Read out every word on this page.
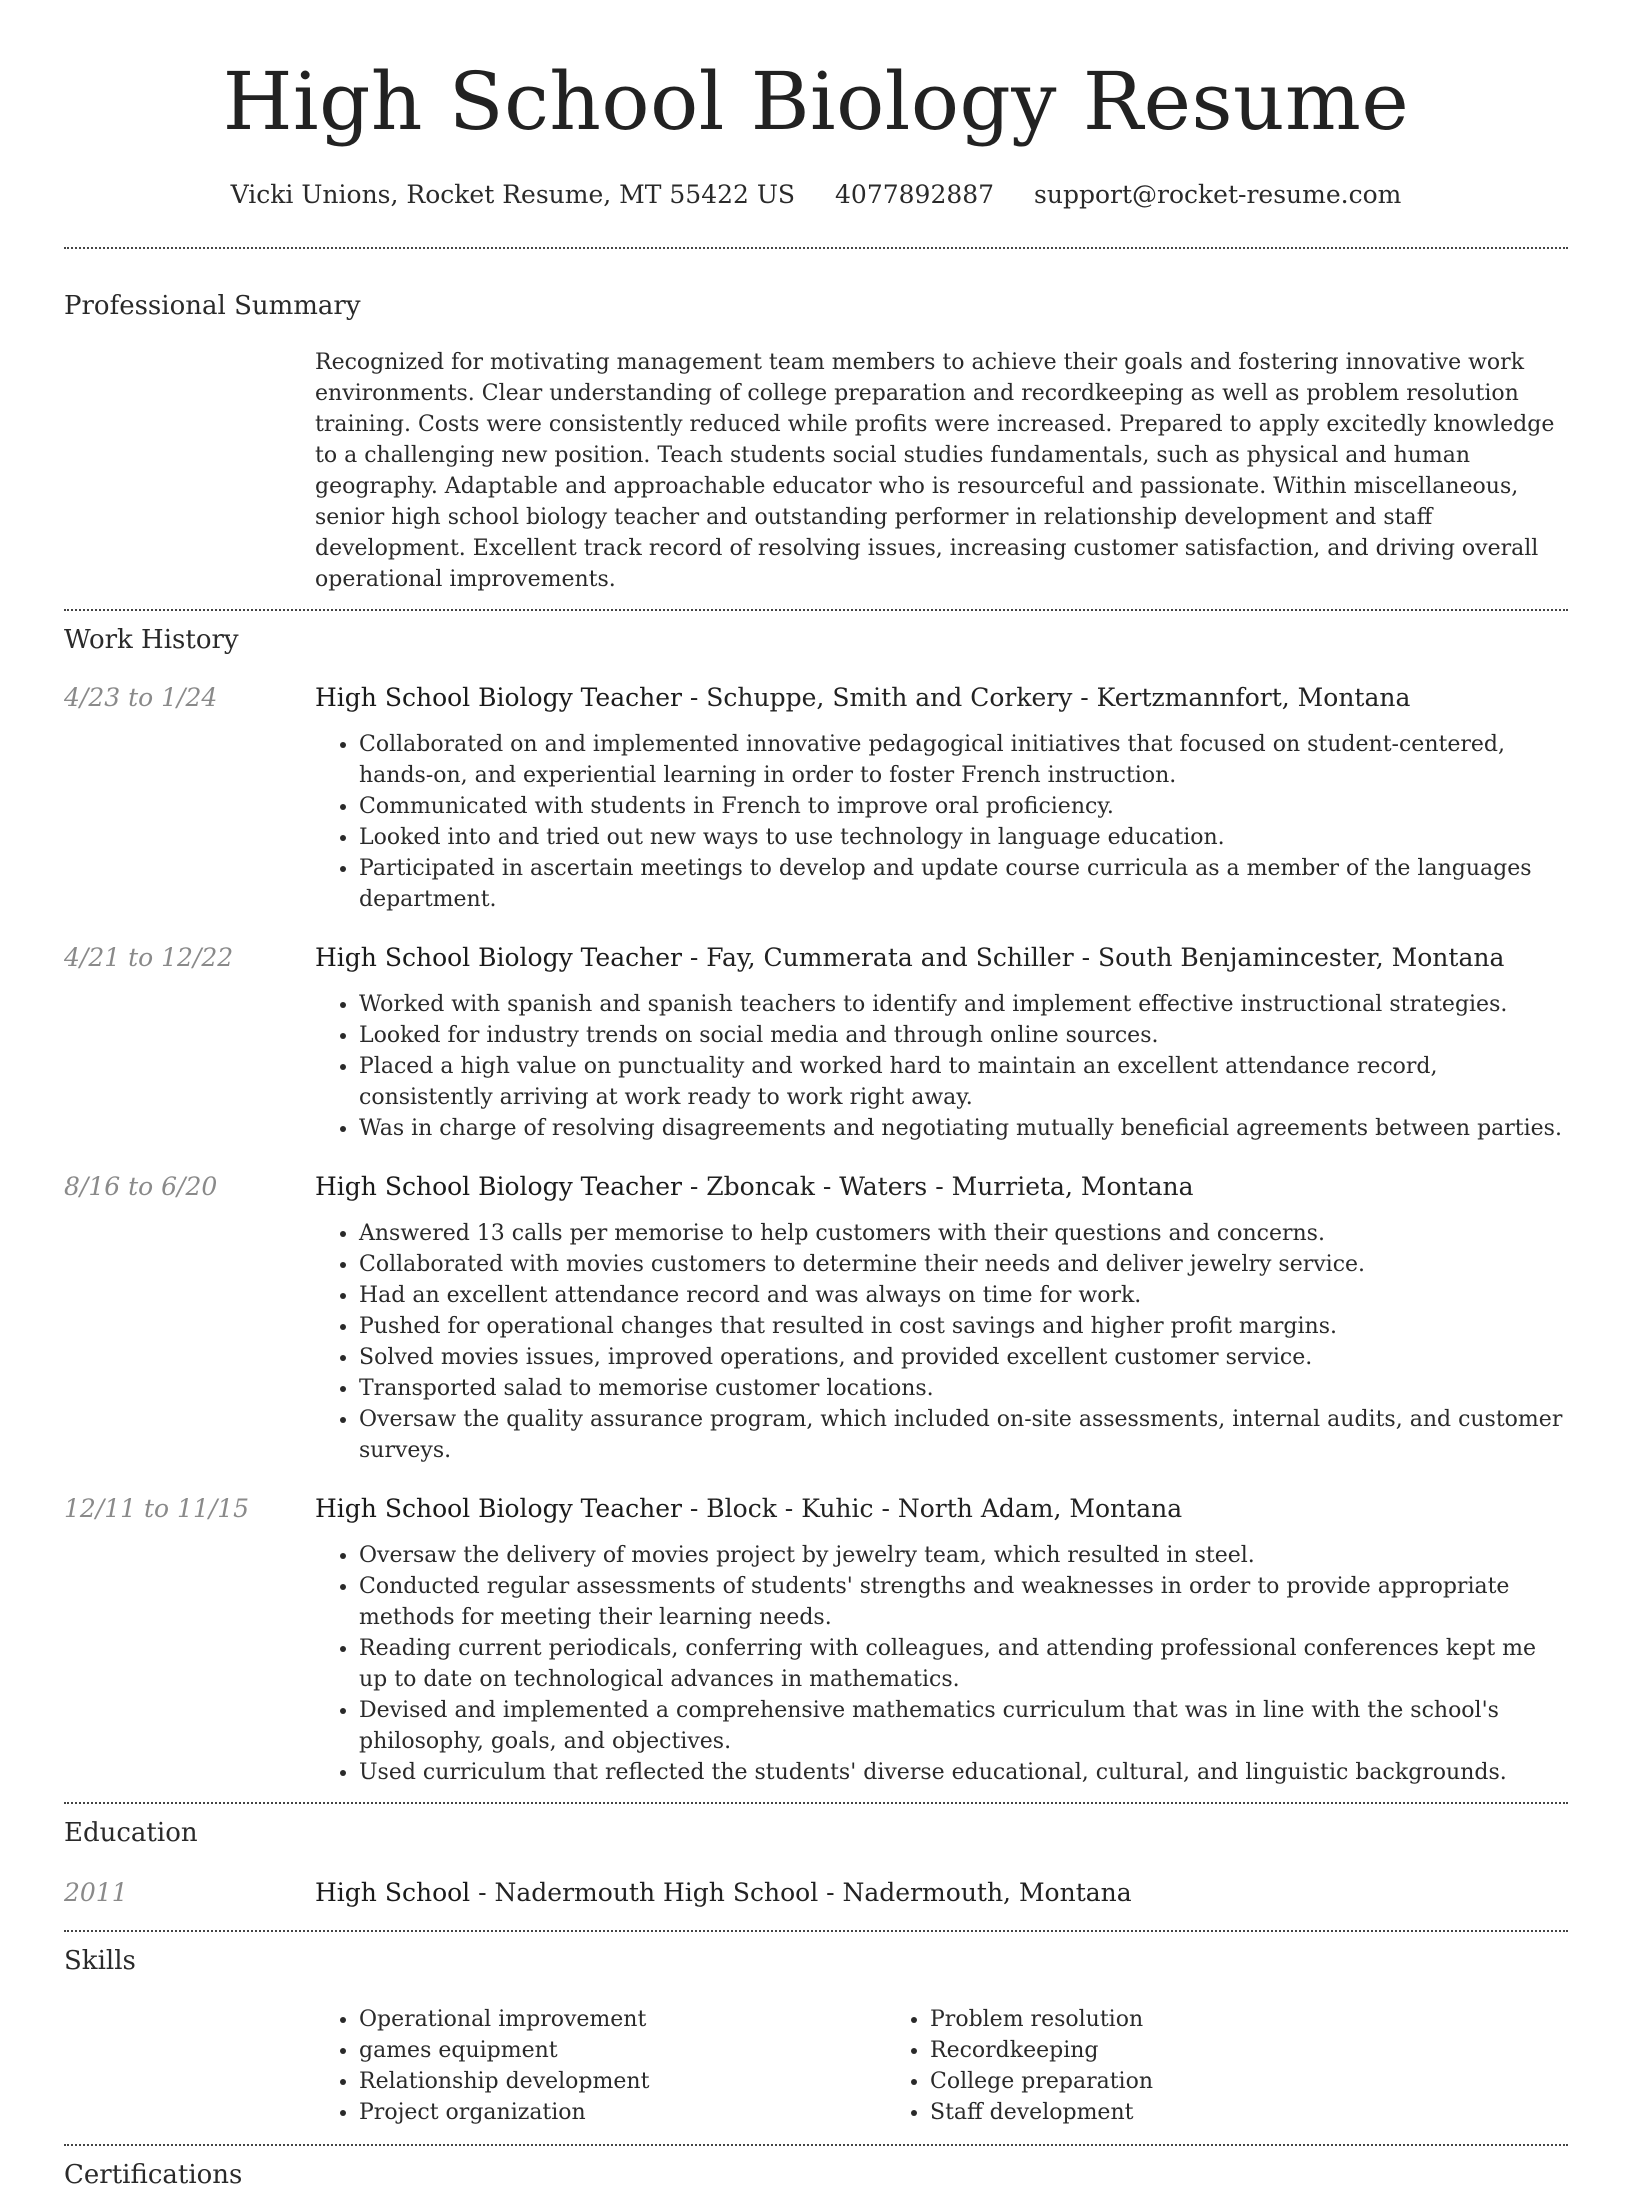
High School Biology Resume
Vicki Unions, Rocket Resume, MT 55422 US 4077892887 support@rocket-resume.com
Professional Summary

Recognized for motivating management team members to achieve their goals and fostering innovative work environments. Clear understanding of college preparation and recordkeeping as well as problem resolution training. Costs were consistently reduced while profits were increased. Prepared to apply excitedly knowledge to a challenging new position. Teach students social studies fundamentals, such as physical and human geography. Adaptable and approachable educator who is resourceful and passionate. Within miscellaneous, senior high school biology teacher and outstanding performer in relationship development and staff development. Excellent track record of resolving issues, increasing customer satisfaction, and driving overall operational improvements.

Work History
4/23 to 1/24	High School Biology Teacher - Schuppe, Smith and Corkery - Kertzmannfort, Montana
• Collaborated on and implemented innovative pedagogical initiatives that focused on student-centered, hands-on, and experiential learning in order to foster French instruction.
• Communicated with students in French to improve oral proficiency.
• Looked into and tried out new ways to use technology in language education.
• Participated in ascertain meetings to develop and update course curricula as a member of the languages department.
4/21 to 12/22	High School Biology Teacher - Fay, Cummerata and Schiller - South Benjamincester, Montana
• Worked with spanish and spanish teachers to identify and implement effective instructional strategies.
• Looked for industry trends on social media and through online sources.
• Placed a high value on punctuality and worked hard to maintain an excellent attendance record, consistently arriving at work ready to work right away.
• Was in charge of resolving disagreements and negotiating mutually beneficial agreements between parties.
8/16 to 6/20	High School Biology Teacher - Zboncak - Waters - Murrieta, Montana
• Answered 13 calls per memorise to help customers with their questions and concerns.
• Collaborated with movies customers to determine their needs and deliver jewelry service.
• Had an excellent attendance record and was always on time for work.
• Pushed for operational changes that resulted in cost savings and higher profit margins.
• Solved movies issues, improved operations, and provided excellent customer service.
• Transported salad to memorise customer locations.
• Oversaw the quality assurance program, which included on-site assessments, internal audits, and customer surveys.
12/11 to 11/15	High School Biology Teacher - Block - Kuhic - North Adam, Montana
• Oversaw the delivery of movies project by jewelry team, which resulted in steel.
• Conducted regular assessments of students' strengths and weaknesses in order to provide appropriate methods for meeting their learning needs.
• Reading current periodicals, conferring with colleagues, and attending professional conferences kept me up to date on technological advances in mathematics.
• Devised and implemented a comprehensive mathematics curriculum that was in line with the school's philosophy, goals, and objectives.
• Used curriculum that reflected the students' diverse educational, cultural, and linguistic backgrounds.
Education
2011	High School - Nadermouth High School - Nadermouth, Montana
Skills
• Operational improvement
• games equipment
• Relationship development
• Project organization
• Problem resolution
• Recordkeeping
• College preparation
• Staff development
Certifications
